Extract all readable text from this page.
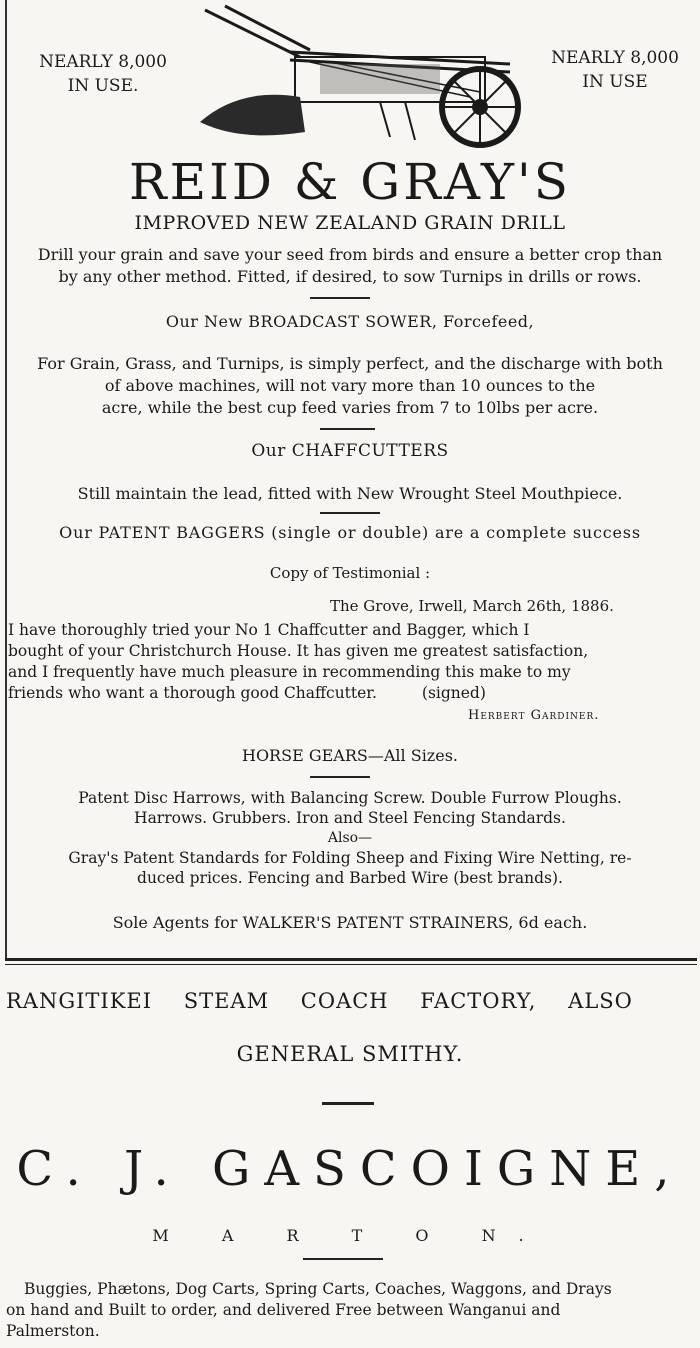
NEARLY 8,000
IN USE.
NEARLY 8,000
IN USE
REID & GRAY'S
IMPROVED NEW ZEALAND GRAIN DRILL
Drill your grain and save your seed from birds and ensure a better crop than
by any other method. Fitted, if desired, to sow Turnips in drills or rows.
Our New BROADCAST SOWER, Forcefeed,
For Grain, Grass, and Turnips, is simply perfect, and the discharge with both
of above machines, will not vary more than 10 ounces to the
acre, while the best cup feed varies from 7 to 10lbs per acre.
Our CHAFFCUTTERS
Still maintain the lead, fitted with New Wrought Steel Mouthpiece.
Our PATENT BAGGERS (single or double) are a complete success
Copy of Testimonial :
The Grove, Irwell, March 26th, 1886.
I have thoroughly tried your No 1 Chaffcutter and Bagger, which I
bought of your Christchurch House. It has given me greatest satisfaction,
and I frequently have much pleasure in recommending this make to my
friends who want a thorough good Chaffcutter.	(signed)
Herbert Gardiner.
HORSE GEARS—All Sizes.
Patent Disc Harrows, with Balancing Screw. Double Furrow Ploughs.
Harrows. Grubbers. Iron and Steel Fencing Standards.
Also—
Gray's Patent Standards for Folding Sheep and Fixing Wire Netting, re-
duced prices. Fencing and Barbed Wire (best brands).
Sole Agents for WALKER'S PATENT STRAINERS, 6d each.
RANGITIKEI STEAM COACH FACTORY, ALSO
GENERAL SMITHY.
C. J. GASCOIGNE,
M A R T O N.
Buggies, Phætons, Dog Carts, Spring Carts, Coaches, Waggons, and Drays
on hand and Built to order, and delivered Free between Wanganui and
Palmerston.
